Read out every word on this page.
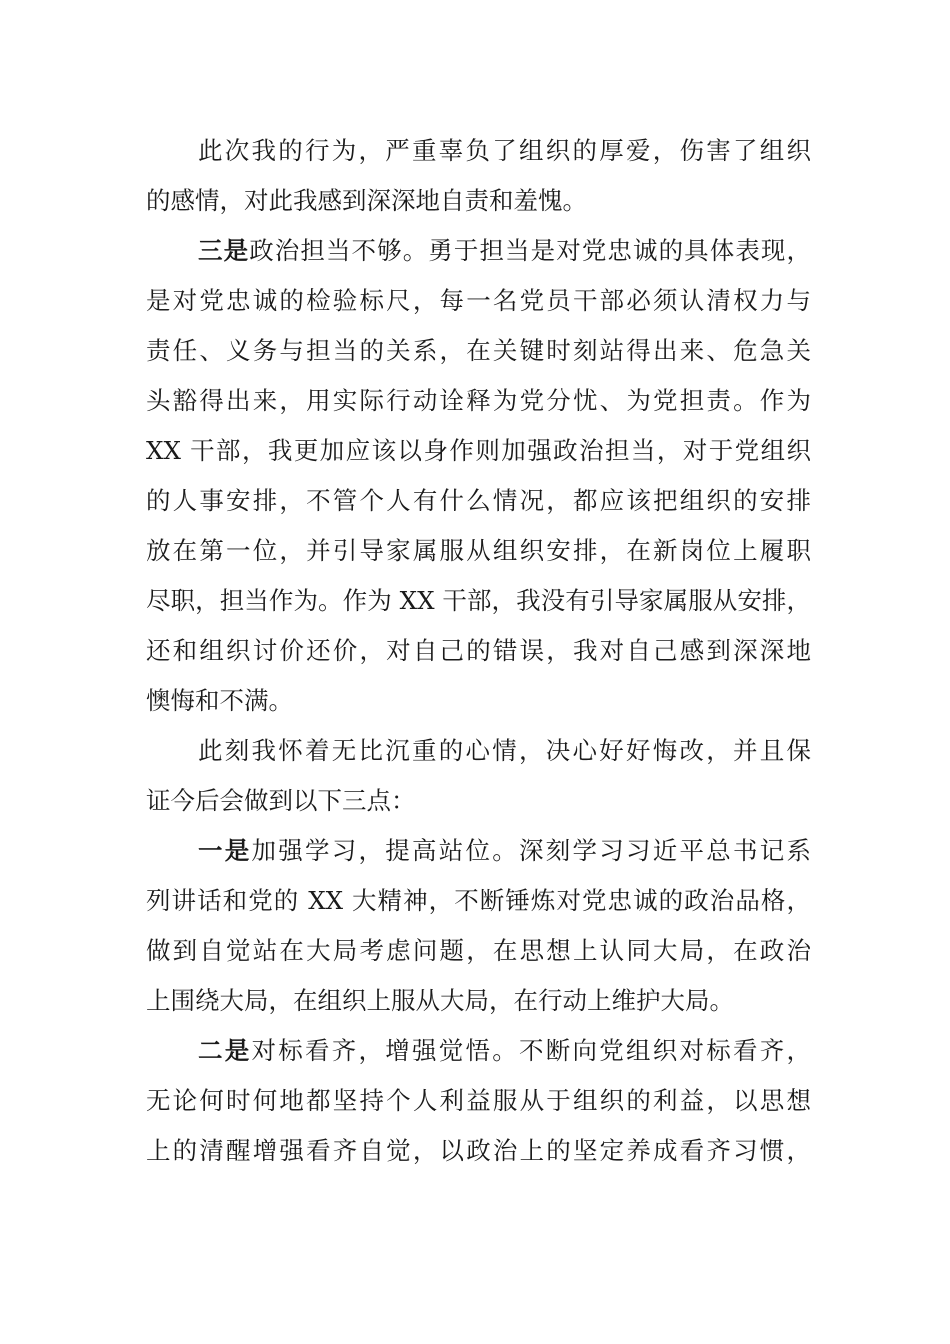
此次我的行为，严重辜负了组织的厚爱，伤害了组织
的感情，对此我感到深深地自责和羞愧。
三是政治担当不够。勇于担当是对党忠诚的具体表现，
是对党忠诚的检验标尺，每一名党员干部必须认清权力与
责任、义务与担当的关系，在关键时刻站得出来、危急关
头豁得出来，用实际行动诠释为党分忧、为党担责。作为
XX 干部，我更加应该以身作则加强政治担当，对于党组织
的人事安排，不管个人有什么情况，都应该把组织的安排
放在第一位，并引导家属服从组织安排，在新岗位上履职
尽职，担当作为。作为 XX 干部，我没有引导家属服从安排，
还和组织讨价还价，对自己的错误，我对自己感到深深地
懊悔和不满。
此刻我怀着无比沉重的心情，决心好好悔改，并且保
证今后会做到以下三点：
一是加强学习，提高站位。深刻学习习近平总书记系
列讲话和党的 XX 大精神，不断锤炼对党忠诚的政治品格，
做到自觉站在大局考虑问题，在思想上认同大局，在政治
上围绕大局，在组织上服从大局，在行动上维护大局。
二是对标看齐，增强觉悟。不断向党组织对标看齐，
无论何时何地都坚持个人利益服从于组织的利益，以思想
上的清醒增强看齐自觉，以政治上的坚定养成看齐习惯，
